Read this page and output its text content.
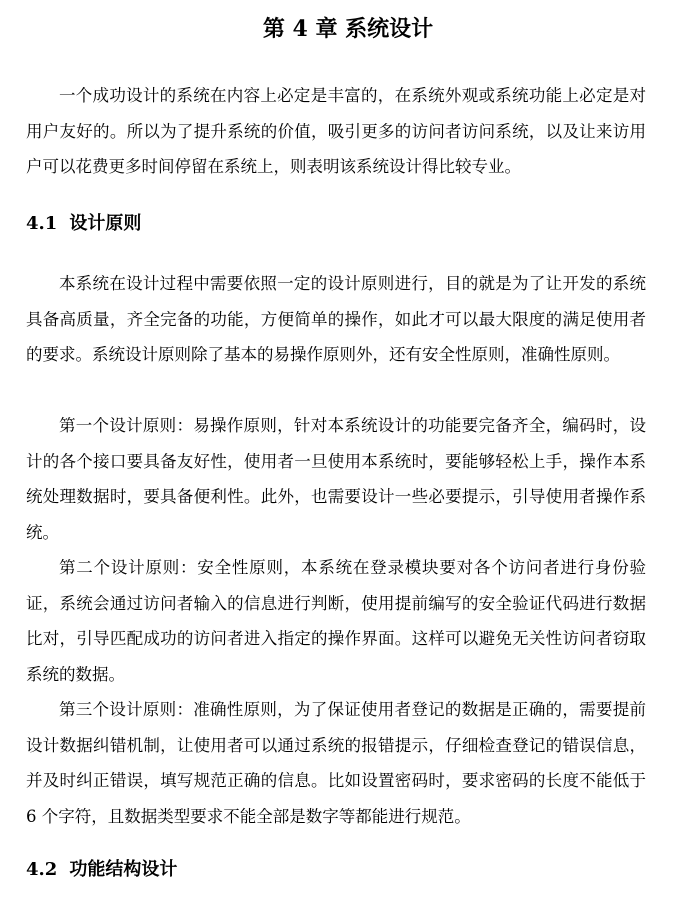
第 4 章 系统设计

一个成功设计的系统在内容上必定是丰富的，在系统外观或系统功能上必定是对用户友好的。所以为了提升系统的价值，吸引更多的访问者访问系统，以及让来访用户可以花费更多时间停留在系统上，则表明该系统设计得比较专业。

4.1 设计原则

本系统在设计过程中需要依照一定的设计原则进行，目的就是为了让开发的系统具备高质量，齐全完备的功能，方便简单的操作，如此才可以最大限度的满足使用者的要求。系统设计原则除了基本的易操作原则外，还有安全性原则，准确性原则。

第一个设计原则：易操作原则，针对本系统设计的功能要完备齐全，编码时，设计的各个接口要具备友好性，使用者一旦使用本系统时，要能够轻松上手，操作本系统处理数据时，要具备便利性。此外，也需要设计一些必要提示，引导使用者操作系统。

第二个设计原则：安全性原则，本系统在登录模块要对各个访问者进行身份验证，系统会通过访问者输入的信息进行判断，使用提前编写的安全验证代码进行数据比对，引导匹配成功的访问者进入指定的操作界面。这样可以避免无关性访问者窃取系统的数据。

第三个设计原则：准确性原则，为了保证使用者登记的数据是正确的，需要提前设计数据纠错机制，让使用者可以通过系统的报错提示，仔细检查登记的错误信息，并及时纠正错误，填写规范正确的信息。比如设置密码时，要求密码的长度不能低于 6 个字符，且数据类型要求不能全部是数字等都能进行规范。

4.2 功能结构设计
